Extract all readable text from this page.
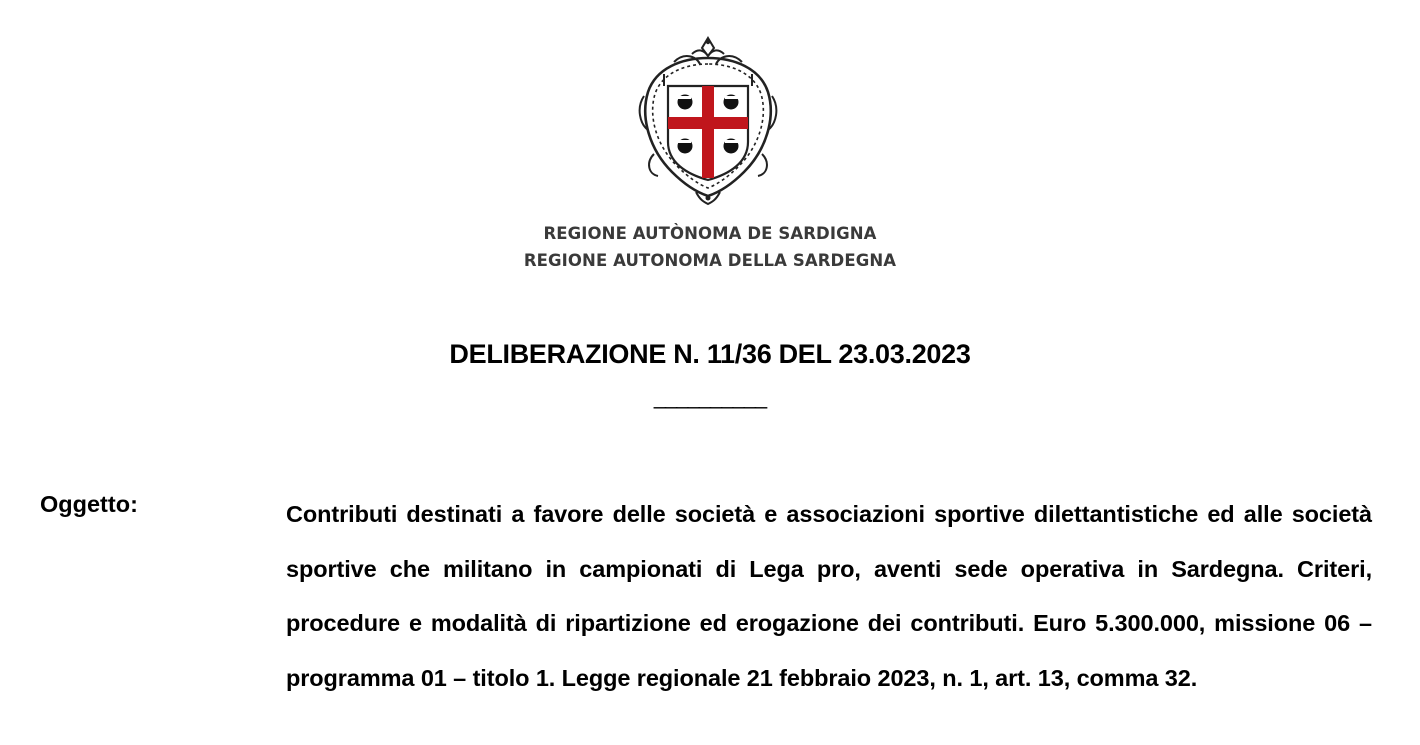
REGIONE AUTÒNOMA DE SARDIGNA
REGIONE AUTONOMA DELLA SARDEGNA
DELIBERAZIONE N. 11/36 DEL 23.03.2023
__________
Oggetto:	Contributi destinati a favore delle società e associazioni sportive dilettantistiche ed alle società sportive che militano in campionati di Lega pro, aventi sede operativa in Sardegna. Criteri, procedure e modalità di ripartizione ed erogazione dei contributi. Euro 5.300.000, missione 06 – programma 01 – titolo 1. Legge regionale 21 febbraio 2023, n. 1, art. 13, comma 32.
